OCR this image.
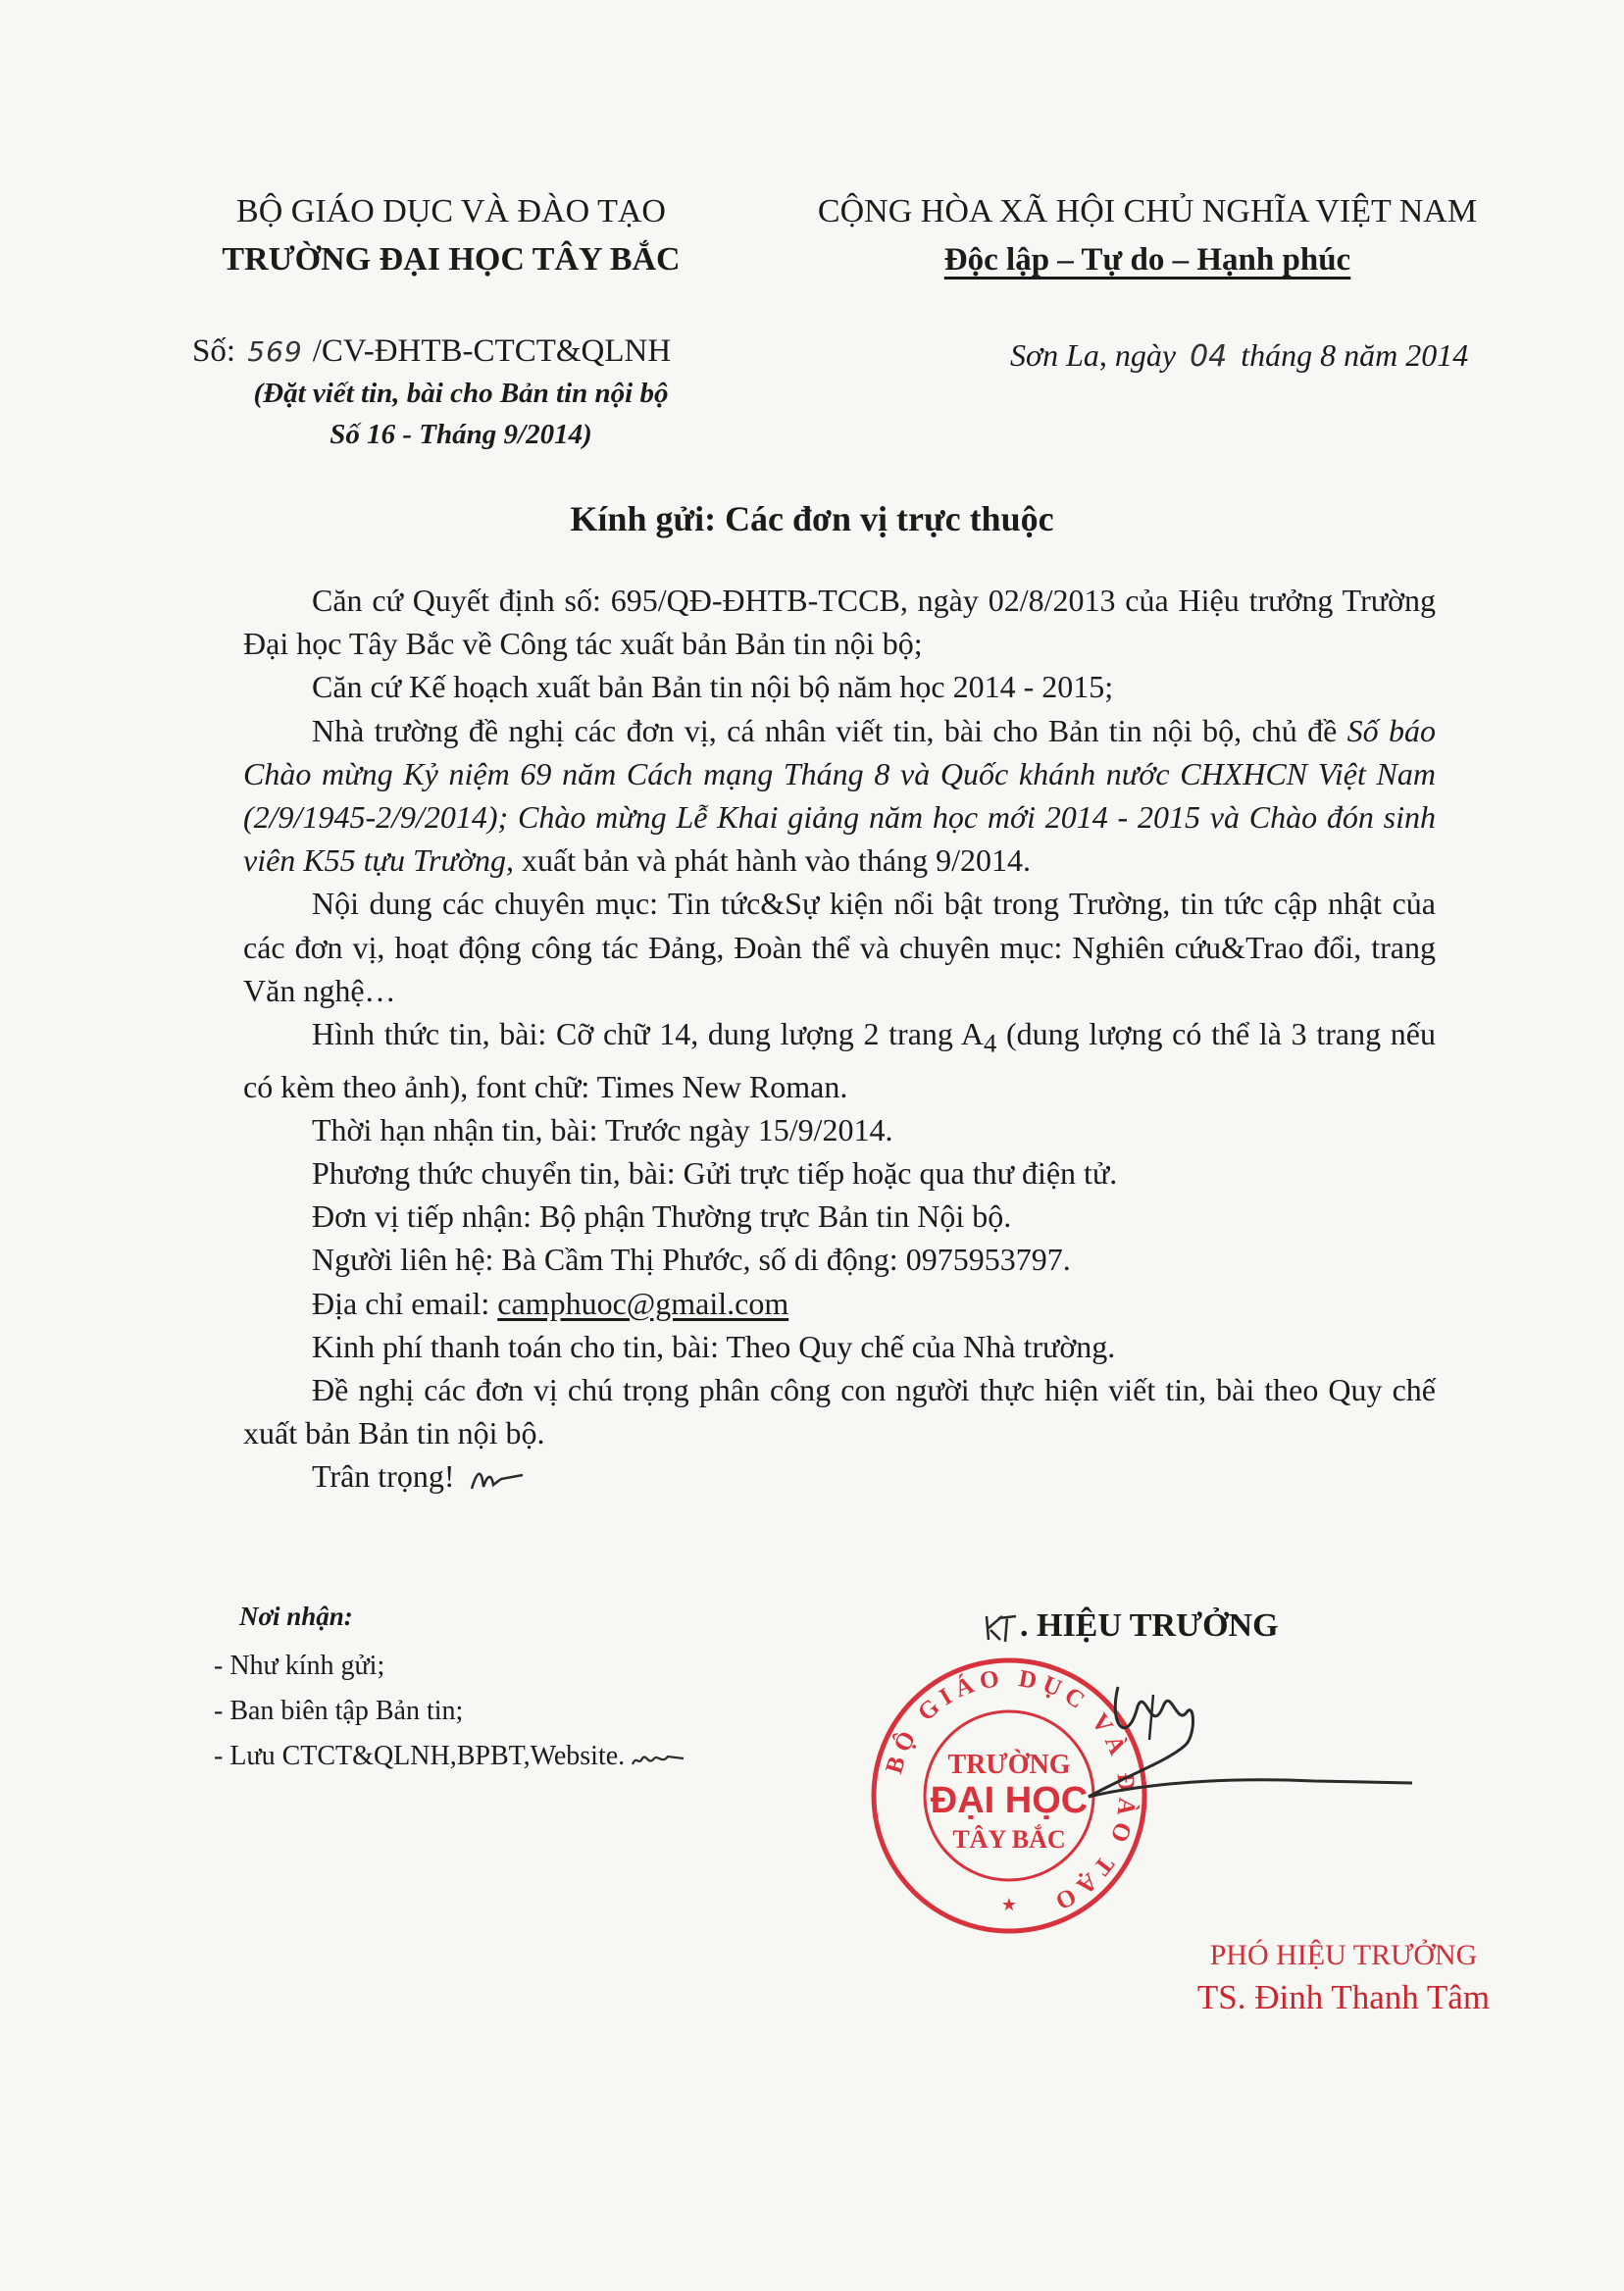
BỘ GIÁO DỤC VÀ ĐÀO TẠO
TRƯỜNG ĐẠI HỌC TÂY BẮC
CỘNG HÒA XÃ HỘI CHỦ NGHĨA VIỆT NAM
Độc lập – Tự do – Hạnh phúc
Số: 569 /CV-ĐHTB-CTCT&QLNH
(Đặt viết tin, bài cho Bản tin nội bộ
Số 16 - Tháng 9/2014)
Sơn La, ngày 04 tháng 8 năm 2014
Kính gửi: Các đơn vị trực thuộc

Căn cứ Quyết định số: 695/QĐ-ĐHTB-TCCB, ngày 02/8/2013 của Hiệu trưởng Trường Đại học Tây Bắc về Công tác xuất bản Bản tin nội bộ;

Căn cứ Kế hoạch xuất bản Bản tin nội bộ năm học 2014 - 2015;

Nhà trường đề nghị các đơn vị, cá nhân viết tin, bài cho Bản tin nội bộ, chủ đề Số báo Chào mừng Kỷ niệm 69 năm Cách mạng Tháng 8 và Quốc khánh nước CHXHCN Việt Nam (2/9/1945-2/9/2014); Chào mừng Lễ Khai giảng năm học mới 2014 - 2015 và Chào đón sinh viên K55 tựu Trường, xuất bản và phát hành vào tháng 9/2014.

Nội dung các chuyên mục: Tin tức&Sự kiện nổi bật trong Trường, tin tức cập nhật của các đơn vị, hoạt động công tác Đảng, Đoàn thể và chuyên mục: Nghiên cứu&Trao đổi, trang Văn nghệ…

Hình thức tin, bài: Cỡ chữ 14, dung lượng 2 trang $A_4$ (dung lượng có thể là 3 trang nếu có kèm theo ảnh), font chữ: Times New Roman.

Thời hạn nhận tin, bài: Trước ngày 15/9/2014.

Phương thức chuyển tin, bài: Gửi trực tiếp hoặc qua thư điện tử.

Đơn vị tiếp nhận: Bộ phận Thường trực Bản tin Nội bộ.

Người liên hệ: Bà Cầm Thị Phước, số di động: 0975953797.

Địa chỉ email: camphuoc@gmail.com

Kinh phí thanh toán cho tin, bài: Theo Quy chế của Nhà trường.

Đề nghị các đơn vị chú trọng phân công con người thực hiện viết tin, bài theo Quy chế xuất bản Bản tin nội bộ.

Trân trọng!

Nơi nhận:
- Như kính gửi;
- Ban biên tập Bản tin;
- Lưu CTCT&QLNH,BPBT,Website.
. HIỆU TRƯỞNG
BỘ GIÁO DỤC VÀ ĐÀO TẠO
TRƯỜNG
ĐẠI HỌC
TÂY BẮC
★
PHÓ HIỆU TRƯỞNG
TS. Đinh Thanh Tâm
